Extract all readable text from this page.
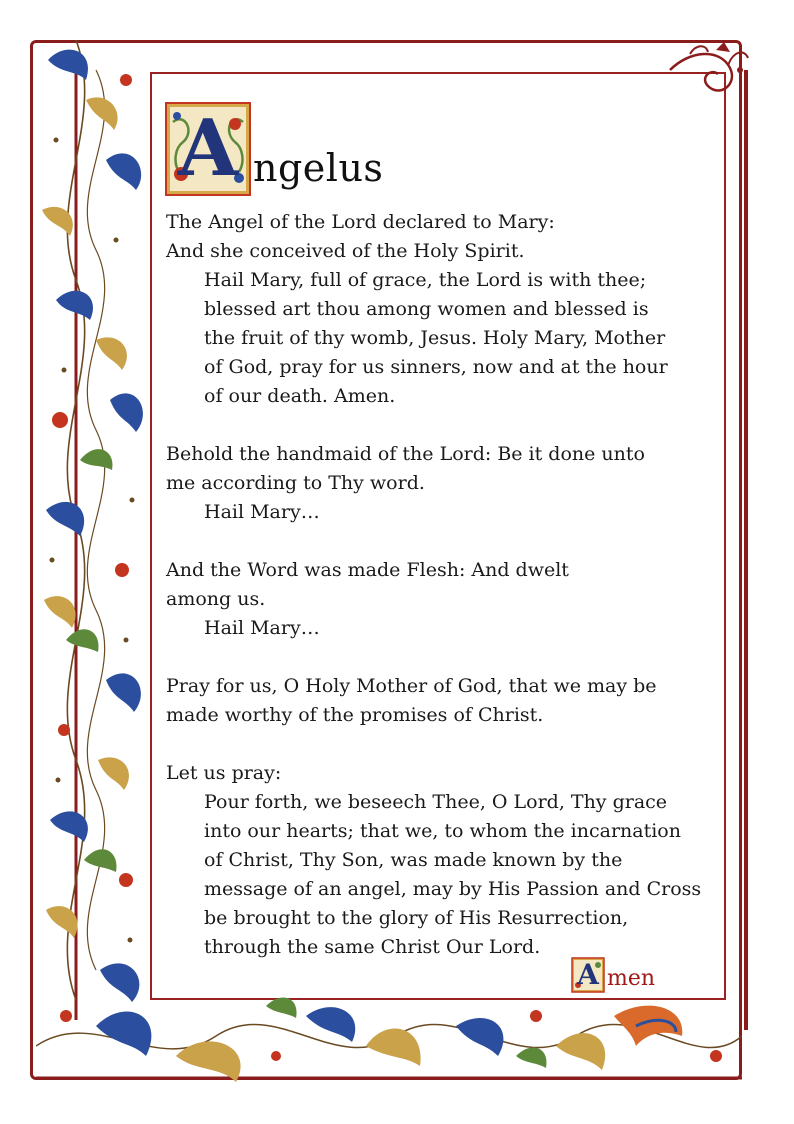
A ngelus

The Angel of the Lord declared to Mary:

And she conceived of the Holy Spirit.

Hail Mary, full of grace, the Lord is with thee;

blessed art thou among women and blessed is

the fruit of thy womb, Jesus. Holy Mary, Mother

of God, pray for us sinners, now and at the hour

of our death. Amen.

Behold the handmaid of the Lord: Be it done unto

me according to Thy word.

Hail Mary…

And the Word was made Flesh: And dwelt

among us.

Hail Mary…

Pray for us, O Holy Mother of God, that we may be

made worthy of the promises of Christ.

Let us pray:

Pour forth, we beseech Thee, O Lord, Thy grace

into our hearts; that we, to whom the incarnation

of Christ, Thy Son, was made known by the

message of an angel, may by His Passion and Cross

be brought to the glory of His Resurrection,

through the same Christ Our Lord.

A men
